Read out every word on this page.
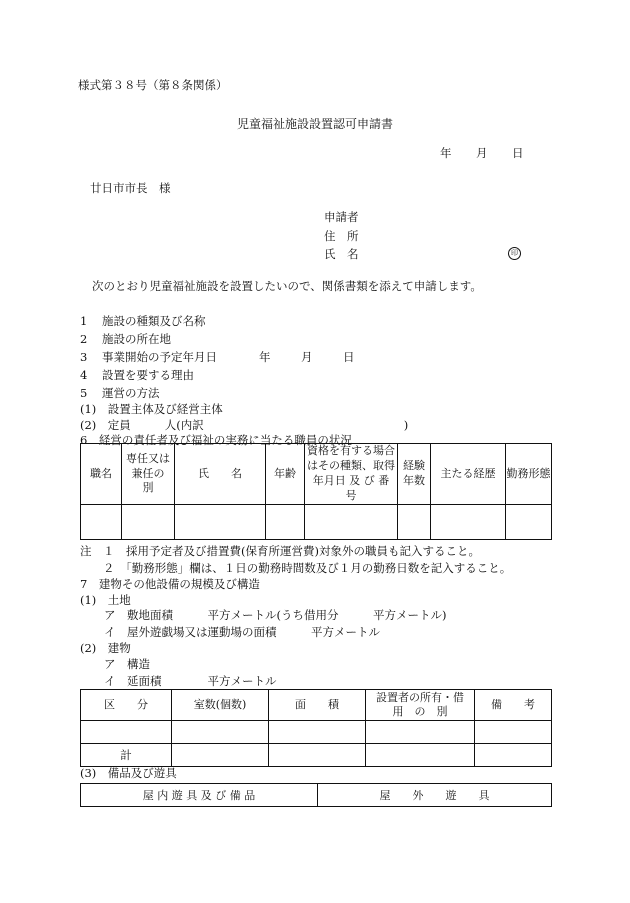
様式第３８号（第８条関係）
児童福祉施設設置認可申請書
年 月 日
廿日市市長　様
申請者
住　所
氏　名	印
次のとおり児童福祉施設を設置したいので、関係書類を添えて申請します。
1 施設の種類及び名称
2 施設の所在地
3 事業開始の予定年月日	年	月	日
4 設置を要する理由
5 運営の方法
(1)　設置主体及び経営主体
(2)　定員	人(内訳	)
6　経営の責任者及び福祉の実務に当たる職員の状況
職名	専任又は兼任の　別	氏　　名	年齢	資格を有する場合はその種類、取得年月日 及 び 番 号	経験年数	主たる経歴	勤務形態

注　１　採用予定者及び措置費(保育所運営費)対象外の職員も記入すること。
　　２　「勤務形態」欄は、１日の勤務時間数及び１月の勤務日数を記入すること。
7　建物その他設備の規模及び構造
(1)　土地
ア　敷地面積　　　平方メートル(うち借用分　　　平方メートル)
イ　屋外遊戯場又は運動場の面積　　　平方メートル
(2)　建物
ア　構造
イ　延面積　　　　平方メートル
区　　分	室数(個数)	面　　積	設置者の所有・借　用　の　別	備　　考

計				
(3)　備品及び遊具
屋 内 遊 具 及 び 備 品	屋　　外　　遊　　具
